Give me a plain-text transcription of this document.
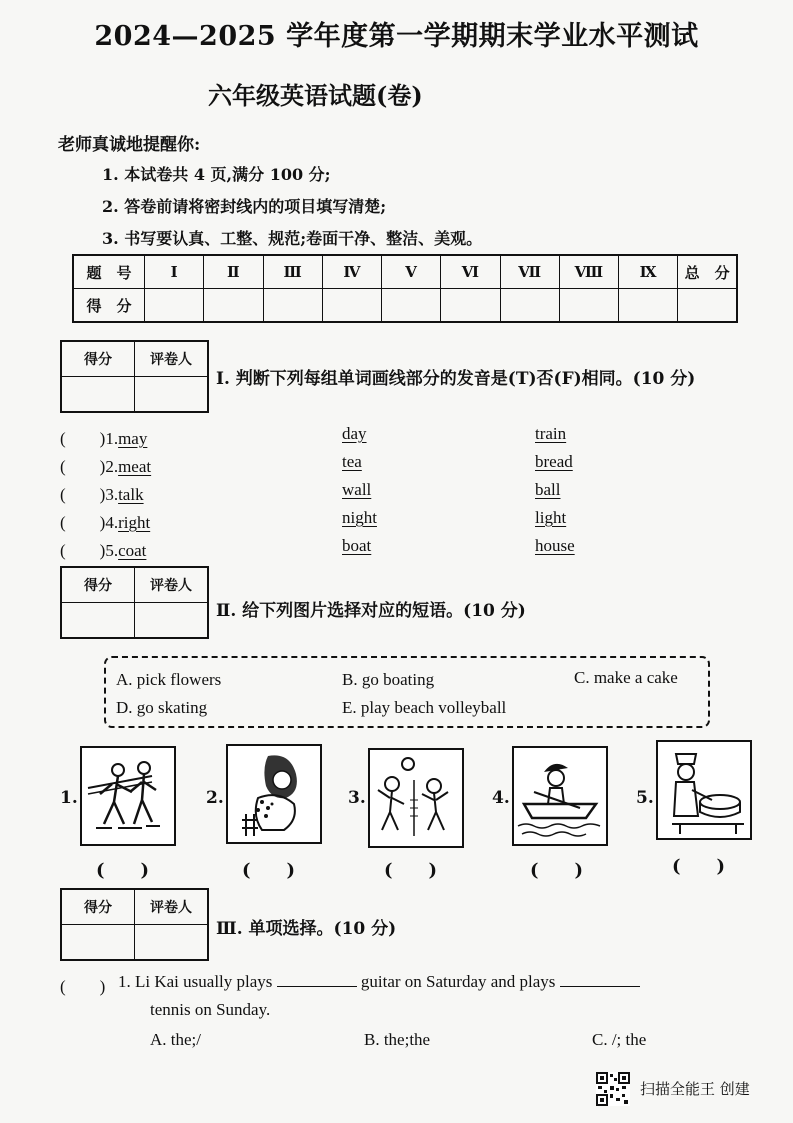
2024—2025 学年度第一学期期末学业水平测试
六年级英语试题(卷)
老师真诚地提醒你:
1. 本试卷共 4 页,满分 100 分;
2. 答卷前请将密封线内的项目填写清楚;
3. 书写要认真、工整、规范;卷面干净、整洁、美观。
题　号	Ⅰ	Ⅱ	Ⅲ	Ⅳ	Ⅴ	Ⅵ	Ⅶ	Ⅷ	Ⅸ	总　分
得　分										
得分	评卷人

Ⅰ. 判断下列每组单词画线部分的发音是(T)否(F)相同。(10 分)
(　　)1.may	day	train
(　　)2.meat	tea	bread
(　　)3.talk	wall	ball
(　　)4.right	night	light
(　　)5.coat	boat	house
得分	评卷人

Ⅱ. 给下列图片选择对应的短语。(10 分)
A. pick flowers	B. go boating	C. make a cake
D. go skating	E. play beach volleyball
1.
(　　)
2.
(　　)
3.
(　　)
4.
(　　)
5.
(　　)
得分	评卷人

Ⅲ. 单项选择。(10 分)
(　　) 1. Li Kai usually plays	guitar on Saturday and plays
tennis on Sunday.
A. the;/	B. the;the	C. /; the
扫描全能王 创建
